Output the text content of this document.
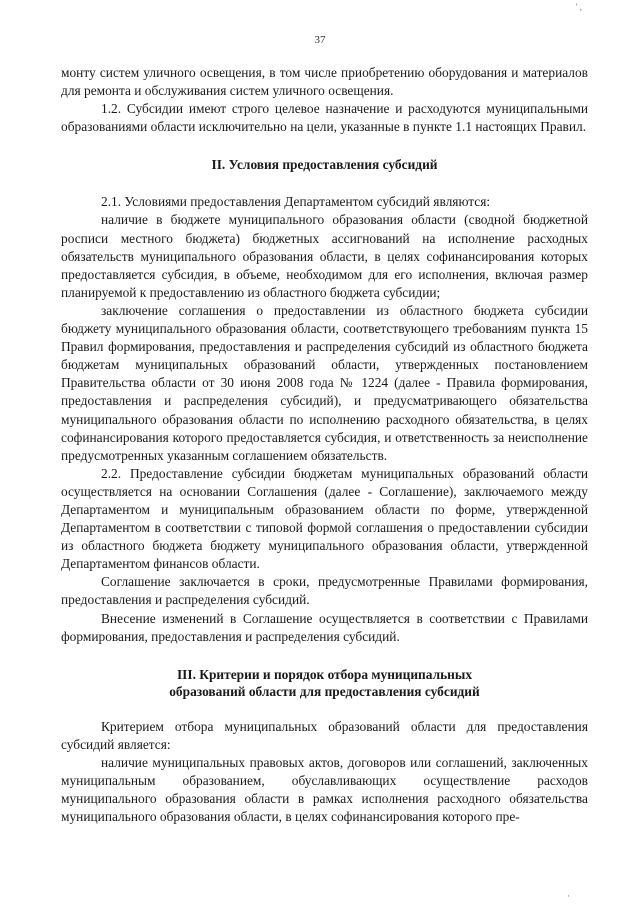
' ,
37

монту систем уличного освещения, в том числе приобретению оборудования и материалов для ремонта и обслуживания систем уличного освещения.

1.2. Субсидии имеют строго целевое назначение и расходуются муниципальными образованиями области исключительно на цели, указанные в пункте 1.1 настоящих Правил.

II. Условия предоставления субсидий

2.1. Условиями предоставления Департаментом субсидий являются:

наличие в бюджете муниципального образования области (сводной бюджетной росписи местного бюджета) бюджетных ассигнований на исполнение расходных обязательств муниципального образования области, в целях софинансирования которых предоставляется субсидия, в объеме, необходимом для его исполнения, включая размер планируемой к предоставлению из областного бюджета субсидии;

заключение соглашения о предоставлении из областного бюджета субсидии бюджету муниципального образования области, соответствующего требованиям пункта 15 Правил формирования, предоставления и распределения субсидий из областного бюджета бюджетам муниципальных образований области, утвержденных постановлением Правительства области от 30 июня 2008 года № 1224 (далее - Правила формирования, предоставления и распределения субсидий), и предусматривающего обязательства муниципального образования области по исполнению расходного обязательства, в целях софинансирования которого предоставляется субсидия, и ответственность за неисполнение предусмотренных указанным соглашением обязательств.

2.2. Предоставление субсидии бюджетам муниципальных образований области осуществляется на основании Соглашения (далее - Соглашение), заключаемого между Департаментом и муниципальным образованием области по форме, утвержденной Департаментом в соответствии с типовой формой соглашения о предоставлении субсидии из областного бюджета бюджету муниципального образования области, утвержденной Департаментом финансов области.

Соглашение заключается в сроки, предусмотренные Правилами формирования, предоставления и распределения субсидий.

Внесение изменений в Соглашение осуществляется в соответствии с Правилами формирования, предоставления и распределения субсидий.

III. Критерии и порядок отбора муниципальных
образований области для предоставления субсидий

Критерием отбора муниципальных образований области для предоставления субсидий является:

наличие муниципальных правовых актов, договоров или соглашений, заключенных муниципальным образованием, обуславливающих осуществление расходов муниципального образования области в рамках исполнения расходного обязательства муниципального образования области, в целях софинансирования которого пре-

·
